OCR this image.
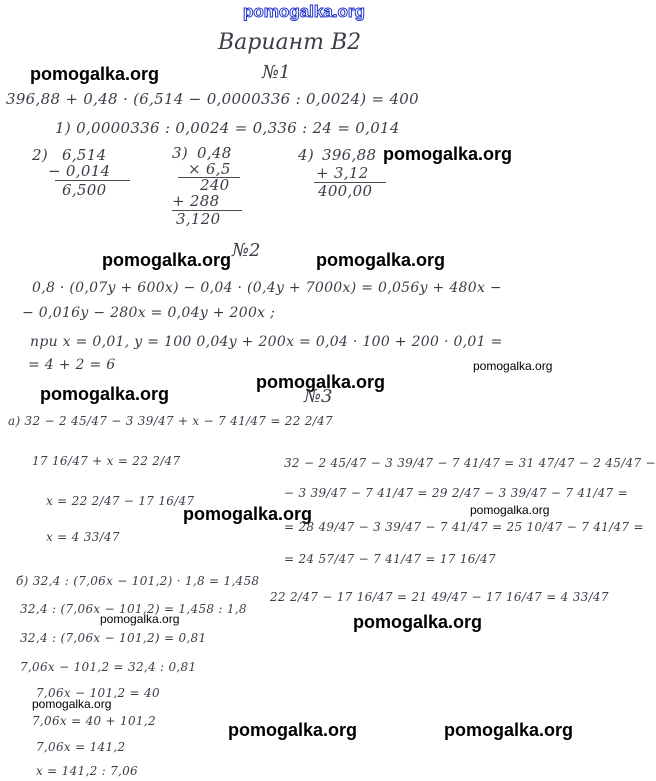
pomogalka.org
Вариант В2
pomogalka.org	№1
396,88 + 0,48 · (6,514 − 0,0000336 : 0,0024) = 400
1) 0,0000336 : 0,0024 = 0,336 : 24 = 0,014
2) 6,514
− 0,014
6,500
3) 0,48
× 6,5
240
+ 288
3,120
4) 396,88 pomogalka.org
+ 3,12
400,00
pomogalka.org №2	pomogalka.org
0,8 · (0,07y + 600x) − 0,04 · (0,4y + 7000x) = 0,056y + 480x −
− 0,016y − 280x = 0,04y + 200x ;
при x = 0,01, y = 100 0,04y + 200x = 0,04 · 100 + 200 · 0,01 =
= 4 + 2 = 6	pomogalka.org
pomogalka.org
pomogalka.org
№3
а) 32 − 2 45/47 − 3 39/47 + x − 7 41/47 = 22 2/47
17 16/47 + x = 22 2/47
x = 22 2/47 − 17 16/47
pomogalka.org
x = 4 33/47
32 − 2 45/47 − 3 39/47 − 7 41/47 = 31 47/47 − 2 45/47 −
− 3 39/47 − 7 41/47 = 29 2/47 − 3 39/47 − 7 41/47 =
pomogalka.org
= 28 49/47 − 3 39/47 − 7 41/47 = 25 10/47 − 7 41/47 =
= 24 57/47 − 7 41/47 = 17 16/47
22 2/47 − 17 16/47 = 21 49/47 − 17 16/47 = 4 33/47
pomogalka.org
б) 32,4 : (7,06x − 101,2) · 1,8 = 1,458
32,4 : (7,06x − 101,2) = 1,458 : 1,8
pomogalka.org
32,4 : (7,06x − 101,2) = 0,81
7,06x − 101,2 = 32,4 : 0,81
7,06x − 101,2 = 40
pomogalka.org
7,06x = 40 + 101,2	pomogalka.org	pomogalka.org
7,06x = 141,2
x = 141,2 : 7,06
